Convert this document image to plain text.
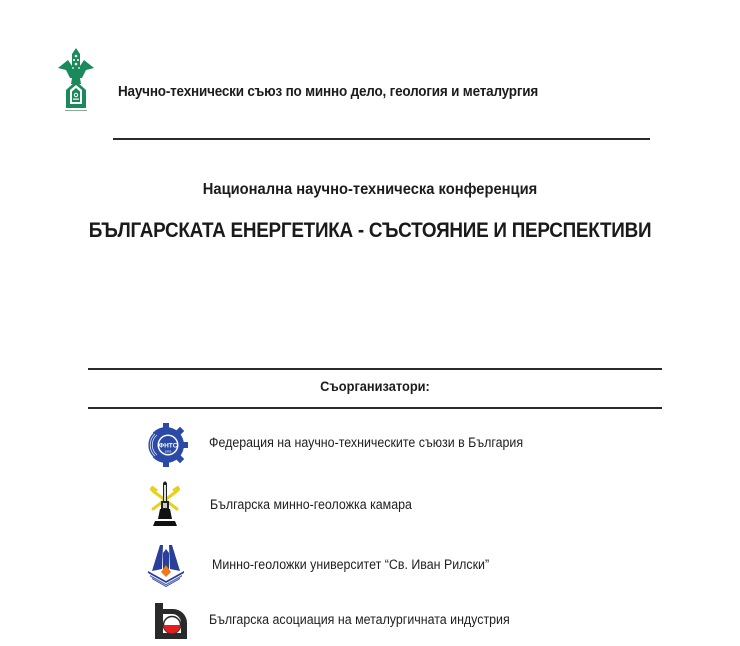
Научно-технически съюз по минно дело, геология и металургия
Национална научно-техническа конференция
БЪЛГАРСКАТА ЕНЕРГЕТИКА - СЪСТОЯНИЕ И ПЕРСПЕКТИВИ
Съорганизатори:
ФНТС
1893
Федерация на научно-техническите съюзи в България
Българска минно-геоложка камара
Минно-геоложки университет “Св. Иван Рилски”
Българска асоциация на металургичната индустрия
